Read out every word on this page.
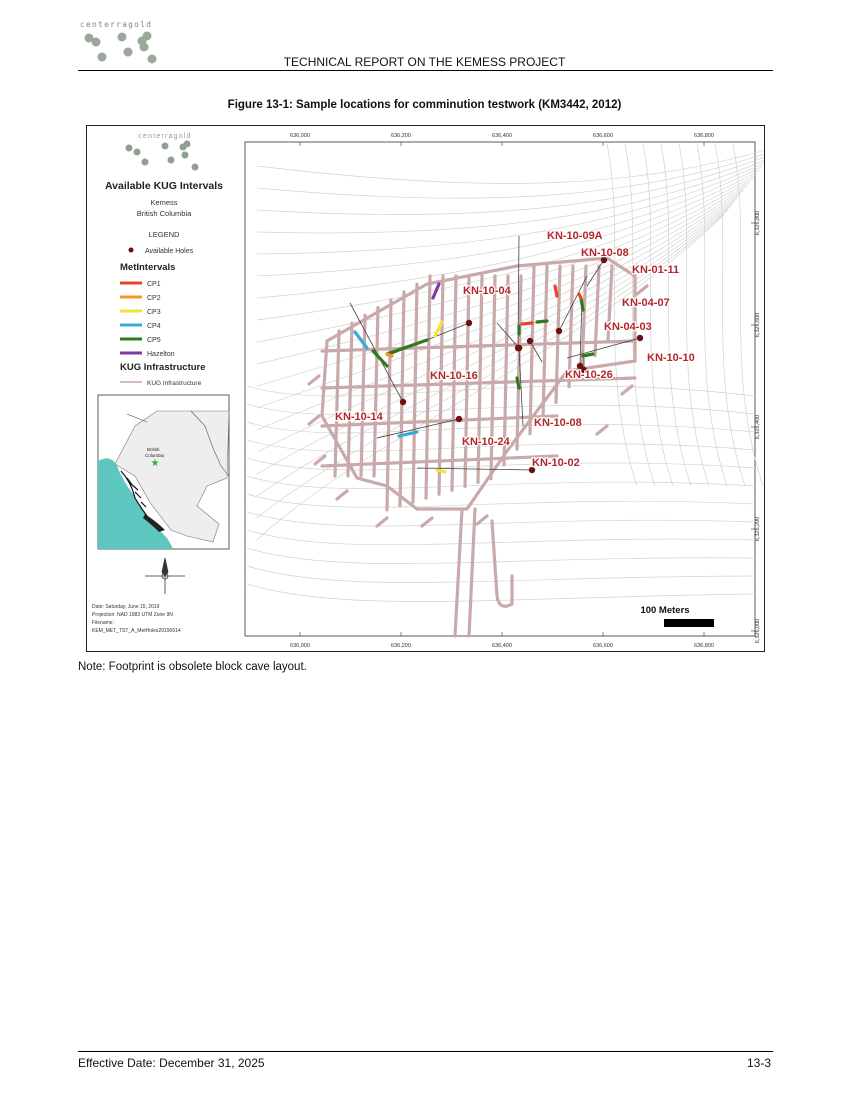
centerragold
TECHNICAL REPORT ON THE KEMESS PROJECT
Figure 13-1: Sample locations for comminution testwork (KM3442, 2012)
centerragold
Available KUG Intervals
Kemess
British Columbia
LEGEND
Available Holes
MetIntervals
CP1
CP2
CP3
CP4
CP5
Hazelton
KUG Infrastructure
KUG Infrastructure
British
Columbia
★
Date: Saturday, June 15, 2019
Projection: NAD 1983 UTM Zone 9N
Filename:
KEM_MET_TST_A_MetHoles20190614
KN-10-09A
KN-10-08
KN-01-11
KN-10-04
KN-04-07
KN-04-03
KN-10-10
KN-10-16	KN-10-26
KN-10-14	KN-10-08
KN-10-24
KN-10-02
636,000
636,000
636,200
636,200
636,400
636,400
636,600
636,600
636,800
636,800
6,326,800
6,326,600
6,326,400
6,326,200
6,326,000
100 Meters
Note: Footprint is obsolete block cave layout.
Effective Date: December 31, 2025	13-3
